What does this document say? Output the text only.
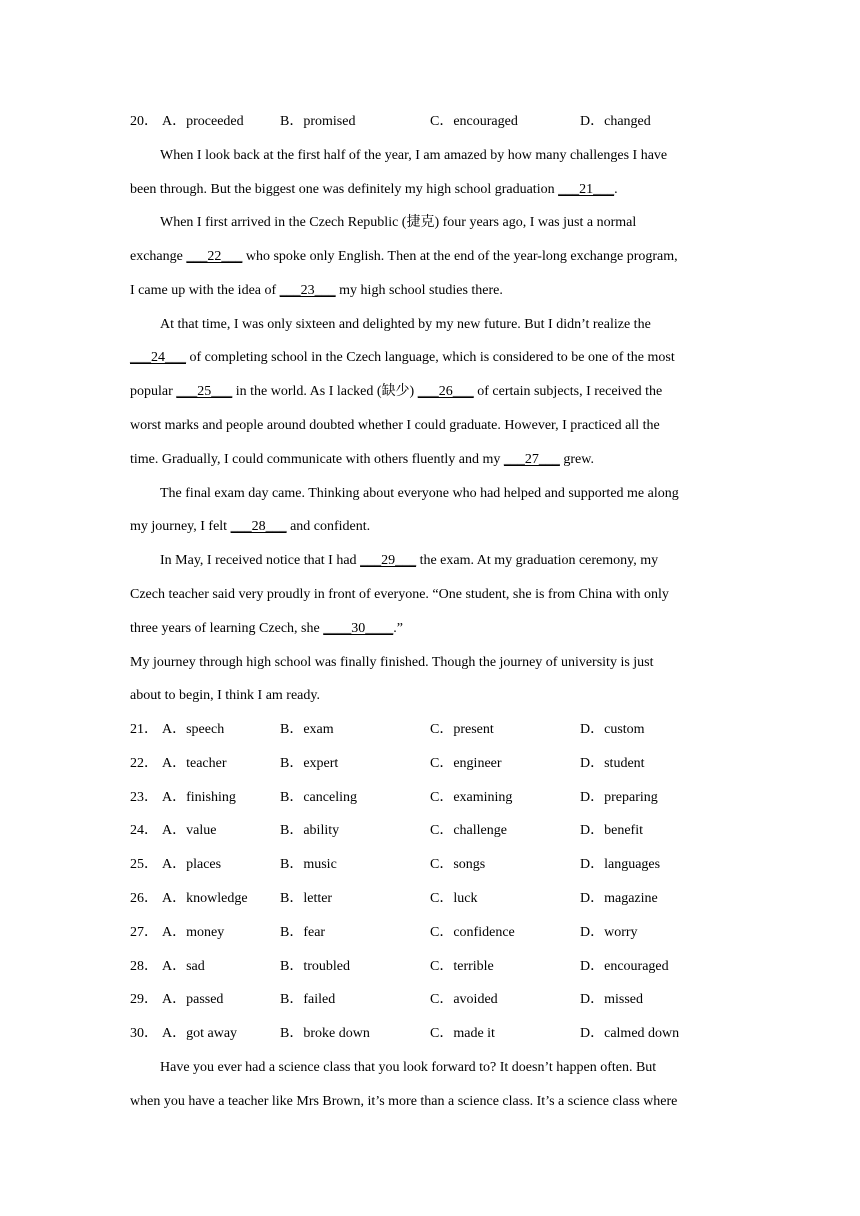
20． A．proceeded	B．promised	C．encouraged	D．changed
When I look back at the first half of the year, I am amazed by how many challenges I have
been through. But the biggest one was definitely my high school graduation ___21___.
When I first arrived in the Czech Republic (捷克) four years ago, I was just a normal
exchange ___22___ who spoke only English. Then at the end of the year-long exchange program,
I came up with the idea of ___23___ my high school studies there.
At that time, I was only sixteen and delighted by my new future. But I didn’t realize the
___24___ of completing school in the Czech language, which is considered to be one of the most
popular ___25___ in the world. As I lacked (缺少) ___26___ of certain subjects, I received the
worst marks and people around doubted whether I could graduate. However, I practiced all the
time. Gradually, I could communicate with others fluently and my ___27___ grew.
The final exam day came. Thinking about everyone who had helped and supported me along
my journey, I felt ___28___ and confident.
In May, I received notice that I had ___29___ the exam. At my graduation ceremony, my
Czech teacher said very proudly in front of everyone. “One student, she is from China with only
three years of learning Czech, she ____30____.”
My journey through high school was finally finished. Though the journey of university is just
about to begin, I think I am ready.
21． A．speech	B．exam	C．present	D．custom
22． A．teacher	B．expert	C．engineer	D．student
23． A．finishing	B．canceling	C．examining	D．preparing
24． A．value	B．ability	C．challenge	D．benefit
25． A．places	B．music	C．songs	D．languages
26． A．knowledge B．letter	C．luck	D．magazine
27． A．money	B．fear	C．confidence	D．worry
28． A．sad	B．troubled	C．terrible	D．encouraged
29． A．passed	B．failed	C．avoided	D．missed
30． A．got away	B．broke down	C．made it	D．calmed down
Have you ever had a science class that you look forward to? It doesn’t happen often. But
when you have a teacher like Mrs Brown, it’s more than a science class. It’s a science class where
